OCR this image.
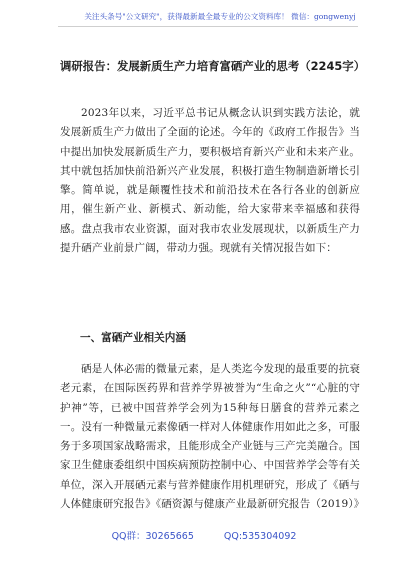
关注头条号"公文研究"，获得最新最全最专业的公文资料库！ 微信：gongwenyj
调研报告：发展新质生产力培育富硒产业的思考（2245字）

2023年以来，习近平总书记从概念认识到实践方法论，就发展新质生产力做出了全面的论述。今年的《政府工作报告》当中提出加快发展新质生产力，要积极培育新兴产业和未来产业。其中就包括加快前沿新兴产业发展，积极打造生物制造新增长引擎。简单说，就是颠覆性技术和前沿技术在各行各业的创新应用，催生新产业、新模式、新动能，给大家带来幸福感和获得感。盘点我市农业资源，面对我市农业发展现状，以新质生产力提升硒产业前景广阔，带动力强。现就有关情况报告如下：

一、富硒产业相关内涵

硒是人体必需的微量元素，是人类迄今发现的最重要的抗衰老元素，在国际医药界和营养学界被誉为“生命之火”“心脏的守护神”等，已被中国营养学会列为15种每日膳食的营养元素之一。没有一种微量元素像硒一样对人体健康作用如此之多，可服务于多项国家战略需求，且能形成全产业链与三产完美融合。国家卫生健康委组织中国疾病预防控制中心、中国营养学会等有关单位，深入开展硒元素与营养健康作用机理研究，形成了《硒与人体健康研究报告》《硒资源与健康产业最新研究报告（2019）》

QQ群：30265665	QQ:535304092
